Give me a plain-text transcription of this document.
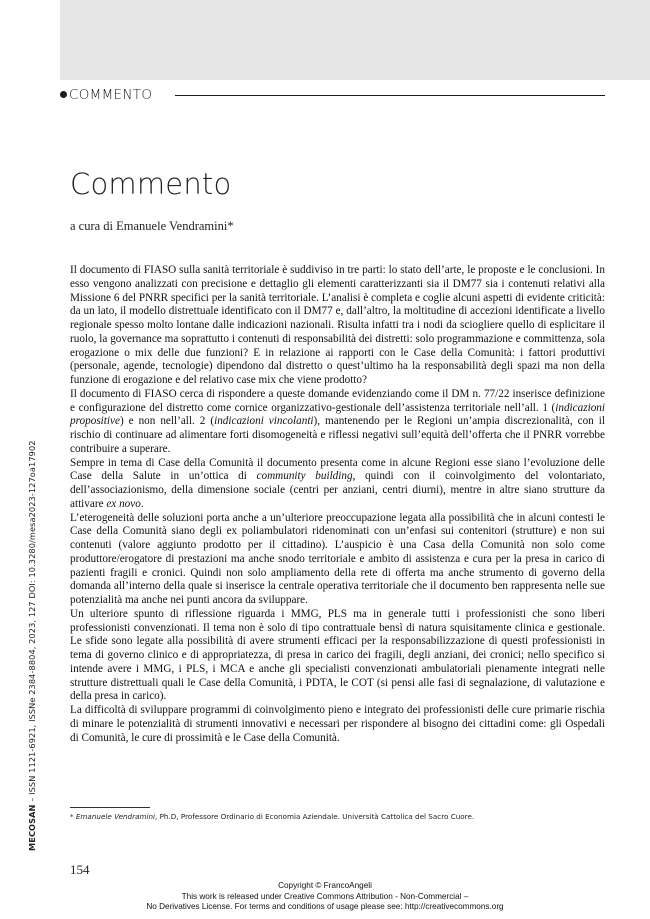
COMMENTO
Commento
a cura di Emanuele Vendramini*

Il documento di FIASO sulla sanità territoriale è suddiviso in tre parti: lo stato dell’arte, le proposte e le conclusioni. In esso vengono analizzati con precisione e dettaglio gli elementi caratterizzanti sia il DM77 sia i contenuti relativi alla Missione 6 del PNRR specifici per la sanità territoriale. L’analisi è completa e coglie alcuni aspetti di evidente criticità: da un lato, il modello distrettuale identificato con il DM77 e, dall’altro, la moltitudine di accezioni identificate a livello regionale spesso molto lontane dalle indicazioni nazionali. Risulta infatti tra i nodi da sciogliere quello di esplicitare il ruolo, la governance ma soprattutto i contenuti di responsabilità dei distretti: solo programmazione e committenza, sola erogazione o mix delle due funzioni? E in relazione ai rapporti con le Case della Comunità: i fattori produttivi (personale, agende, tecnologie) dipendono dal distretto o quest’ultimo ha la responsabilità degli spazi ma non della funzione di erogazione e del relativo case mix che viene prodotto?

Il documento di FIASO cerca di rispondere a queste domande evidenziando come il DM n. 77/22 inserisce definizione e configurazione del distretto come cornice organizzativo-gestionale dell’assistenza territoriale nell’all. 1 (indicazioni propositive) e non nell’all. 2 (indicazioni vincolanti), mantenendo per le Regioni un’ampia discrezionalità, con il rischio di continuare ad alimentare forti disomogeneità e riflessi negativi sull’equità dell’offerta che il PNRR vorrebbe contribuire a superare.

Sempre in tema di Case della Comunità il documento presenta come in alcune Regioni esse siano l’evoluzione delle Case della Salute in un’ottica di community building, quindi con il coinvolgimento del volontariato, dell’associazionismo, della dimensione sociale (centri per anziani, centri diurni), mentre in altre siano strutture da attivare ex novo.

L’eterogeneità delle soluzioni porta anche a un’ulteriore preoccupazione legata alla possibilità che in alcuni contesti le Case della Comunità siano degli ex poliambulatori ridenominati con un’enfasi sui contenitori (strutture) e non sui contenuti (valore aggiunto prodotto per il cittadino). L’auspicio è una Casa della Comunità non solo come produttore/erogatore di prestazioni ma anche snodo territoriale e ambito di assistenza e cura per la presa in carico di pazienti fragili e cronici. Quindi non solo ampliamento della rete di offerta ma anche strumento di governo della domanda all’interno della quale si inserisce la centrale operativa territoriale che il documento ben rappresenta nelle sue potenzialità ma anche nei punti ancora da sviluppare.

Un ulteriore spunto di riflessione riguarda i MMG, PLS ma in generale tutti i professionisti che sono liberi professionisti convenzionati. Il tema non è solo di tipo contrattuale bensì di natura squisitamente clinica e gestionale. Le sfide sono legate alla possibilità di avere strumenti efficaci per la responsabilizzazione di questi professionisti in tema di governo clinico e di appropriatezza, di presa in carico dei fragili, degli anziani, dei cronici; nello specifico si intende avere i MMG, i PLS, i MCA e anche gli specialisti convenzionati ambulatoriali pienamente integrati nelle strutture distrettuali quali le Case della Comunità, i PDTA, le COT (si pensi alle fasi di segnalazione, di valutazione e della presa in carico).

La difficoltà di sviluppare programmi di coinvolgimento pieno e integrato dei professionisti delle cure primarie rischia di minare le potenzialità di strumenti innovativi e necessari per rispondere al bisogno dei cittadini come: gli Ospedali di Comunità, le cure di prossimità e le Case della Comunità.

MECOSAN – ISSN 1121-6921, ISSNe 2384-8804, 2023, 127 DOI: 10.3280/mesa2023-127oa17902
* Emanuele Vendramini, Ph.D, Professore Ordinario di Economia Aziendale. Università Cattolica del Sacro Cuore.
154
Copyright © FrancoAngeli
This work is released under Creative Commons Attribution - Non-Commercial –
No Derivatives License. For terms and conditions of usage please see: http://creativecommons.org
